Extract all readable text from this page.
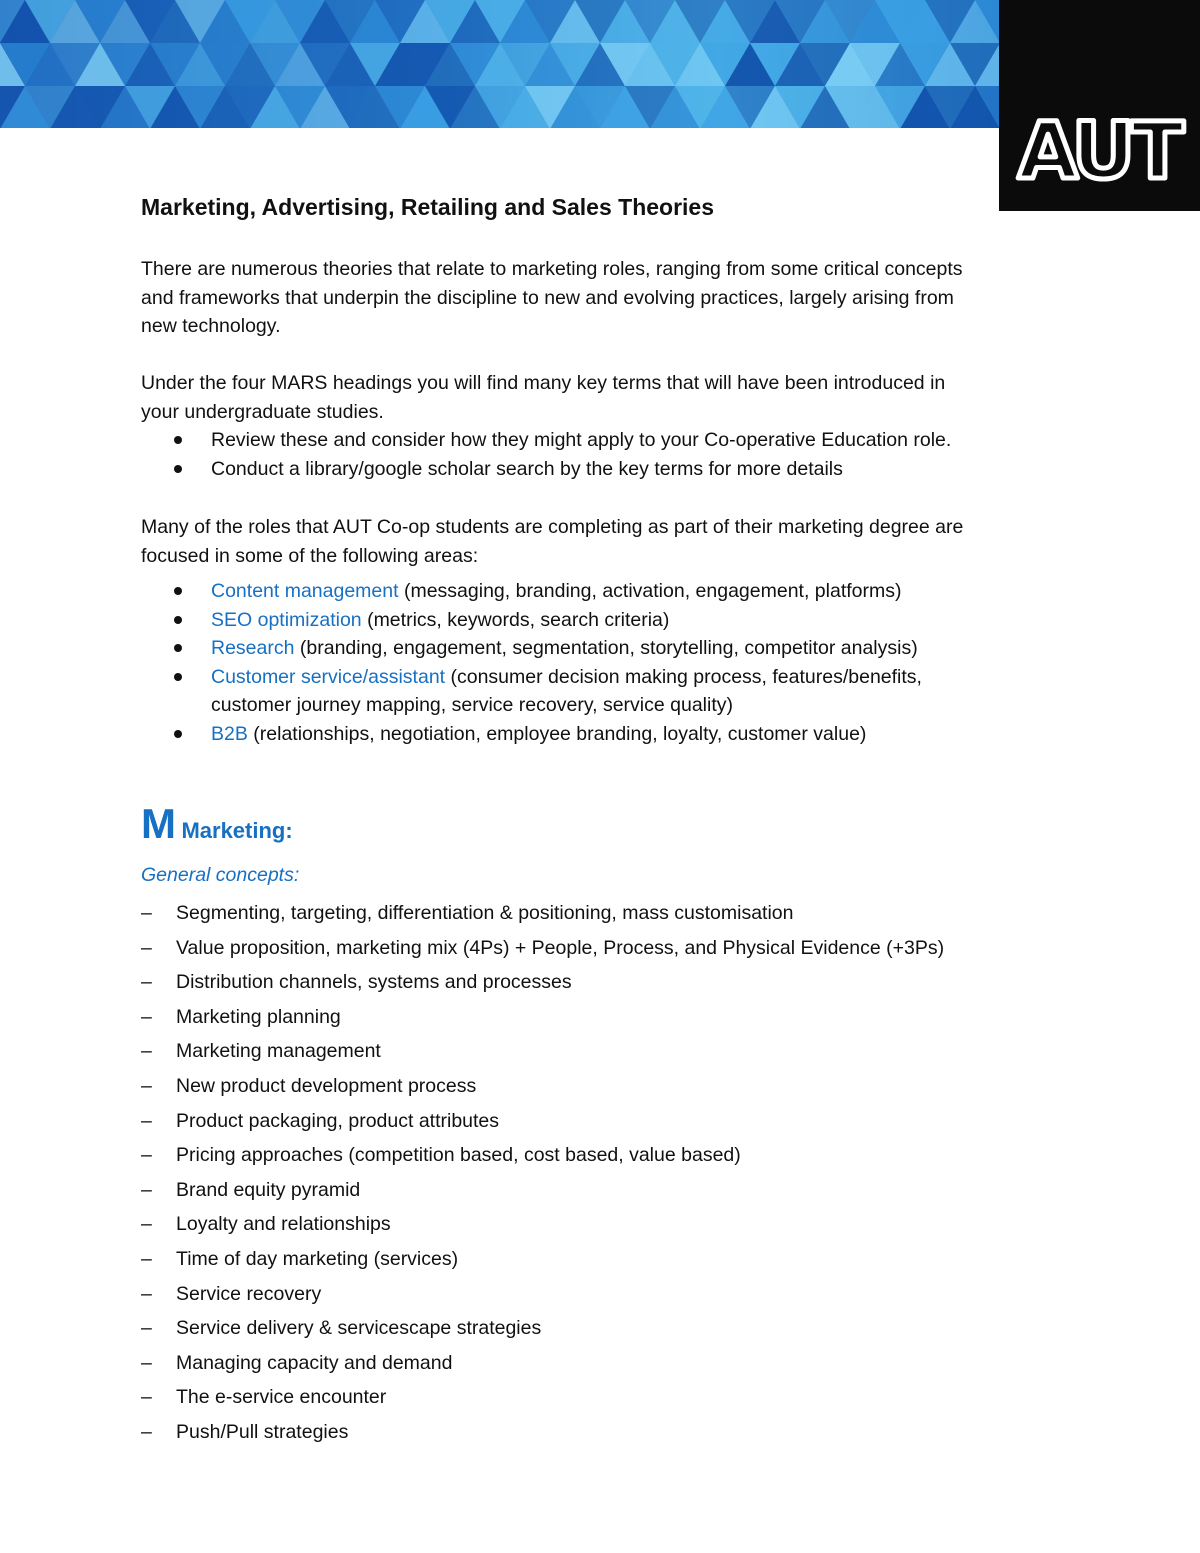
AUT
Marketing, Advertising, Retailing and Sales Theories
There are numerous theories that relate to marketing roles, ranging from some critical concepts
and frameworks that underpin the discipline to new and evolving practices, largely arising from
new technology.
Under the four MARS headings you will find many key terms that will have been introduced in
your undergraduate studies.
Review these and consider how they might apply to your Co-operative Education role.
Conduct a library/google scholar search by the key terms for more details
Many of the roles that AUT Co-op students are completing as part of their marketing degree are
focused in some of the following areas:
Content management (messaging, branding, activation, engagement, platforms)
SEO optimization (metrics, keywords, search criteria)
Research (branding, engagement, segmentation, storytelling, competitor analysis)
Customer service/assistant (consumer decision making process, features/benefits,
customer journey mapping, service recovery, service quality)
B2B (relationships, negotiation, employee branding, loyalty, customer value)
M Marketing:

General concepts:

–	Segmenting, targeting, differentiation & positioning, mass customisation
–	Value proposition, marketing mix (4Ps) + People, Process, and Physical Evidence (+3Ps)
–	Distribution channels, systems and processes
–	Marketing planning
–	Marketing management
–	New product development process
–	Product packaging, product attributes
–	Pricing approaches (competition based, cost based, value based)
–	Brand equity pyramid
–	Loyalty and relationships
–	Time of day marketing (services)
–	Service recovery
–	Service delivery & servicescape strategies
–	Managing capacity and demand
–	The e-service encounter
–	Push/Pull strategies
